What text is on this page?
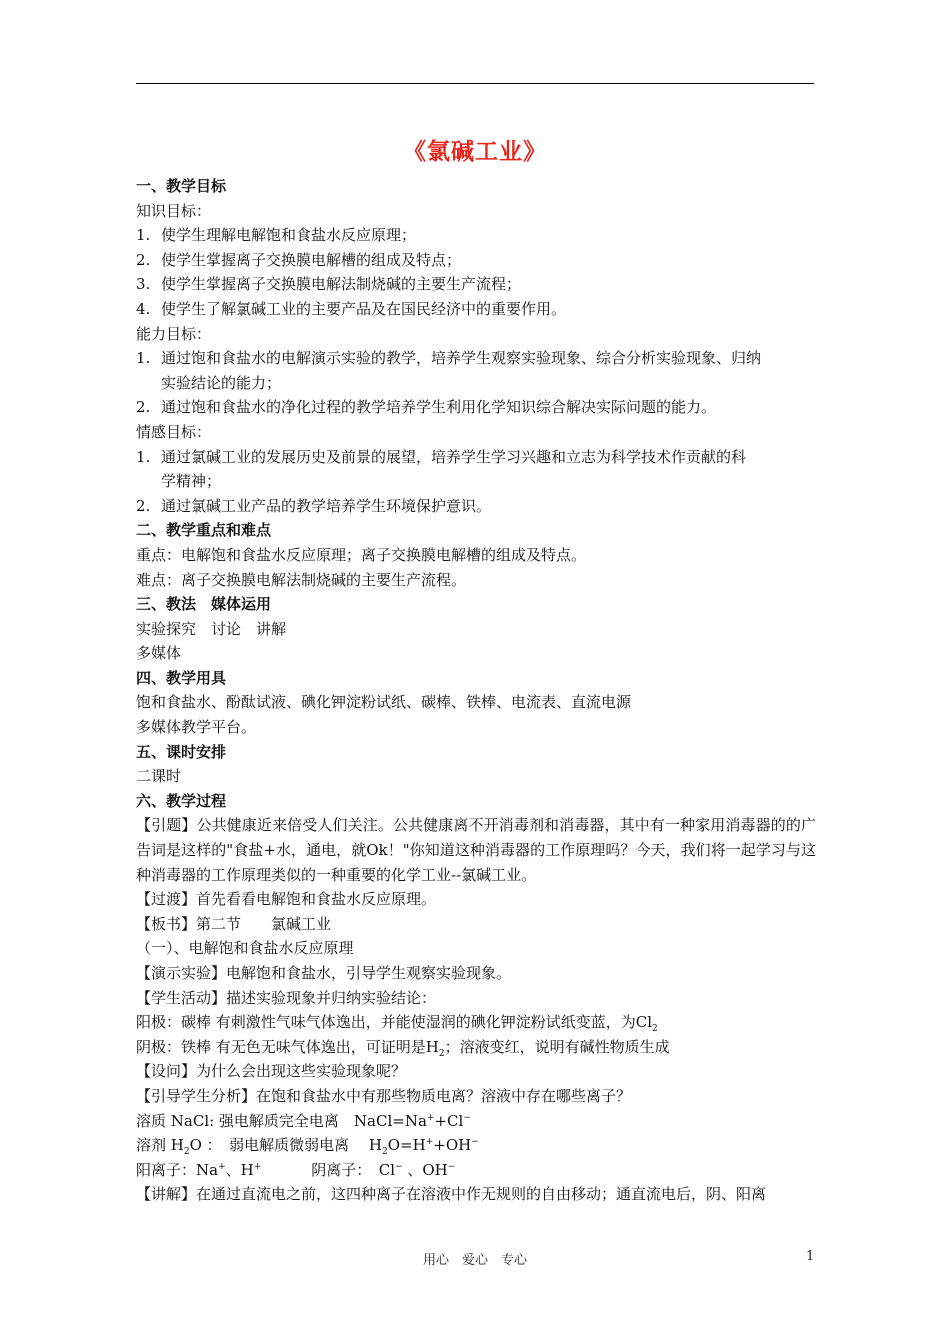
《氯碱工业》
一、教学目标
知识目标：
1. 使学生理解电解饱和食盐水反应原理；
2. 使学生掌握离子交换膜电解槽的组成及特点；
3. 使学生掌握离子交换膜电解法制烧碱的主要生产流程；
4. 使学生了解氯碱工业的主要产品及在国民经济中的重要作用。
能力目标：
1. 通过饱和食盐水的电解演示实验的教学，培养学生观察实验现象、综合分析实验现象、归纳
实验结论的能力；
2. 通过饱和食盐水的净化过程的教学培养学生利用化学知识综合解决实际问题的能力。
情感目标：
1. 通过氯碱工业的发展历史及前景的展望，培养学生学习兴趣和立志为科学技术作贡献的科
学精神；
2. 通过氯碱工业产品的教学培养学生环境保护意识。
二、教学重点和难点
重点：电解饱和食盐水反应原理；离子交换膜电解槽的组成及特点。
难点：离子交换膜电解法制烧碱的主要生产流程。
三、教法　媒体运用
实验探究　讨论　讲解
多媒体
四、教学用具
饱和食盐水、酚酞试液、碘化钾淀粉试纸、碳棒、铁棒、电流表、直流电源
多媒体教学平台。
五、课时安排
二课时
六、教学过程
【引题】公共健康近来倍受人们关注。公共健康离不开消毒剂和消毒器，其中有一种家用消毒器的的广告词是这样的"食盐+水，通电，就Ok！"你知道这种消毒器的工作原理吗？今天，我们将一起学习与这种消毒器的工作原理类似的一种重要的化学工业--氯碱工业。
【过渡】首先看看电解饱和食盐水反应原理。
【板书】第二节　　氯碱工业
（一）、电解饱和食盐水反应原理
【演示实验】电解饱和食盐水，引导学生观察实验现象。
【学生活动】描述实验现象并归纳实验结论：
阳极：碳棒 有刺激性气味气体逸出，并能使湿润的碘化钾淀粉试纸变蓝，为$Cl_2$
阴极：铁棒 有无色无味气体逸出，可证明是$H_2$；溶液变红，说明有碱性物质生成
【设问】为什么会出现这些实验现象呢？
【引导学生分析】在饱和食盐水中有那些物质电离？溶液中存在哪些离子？
溶质 NaCl: 强电解质完全电离　NaCl=Na++Cl−
溶剂 $H_2O$ ：　弱电解质微弱电离　 $H_2O=H^++OH^-$
阳离子：Na+、H+	阴离子：　Cl− 、OH−
【讲解】在通过直流电之前，这四种离子在溶液中作无规则的自由移动；通直流电后，阴、阳离
用心　爱心　专心	1
